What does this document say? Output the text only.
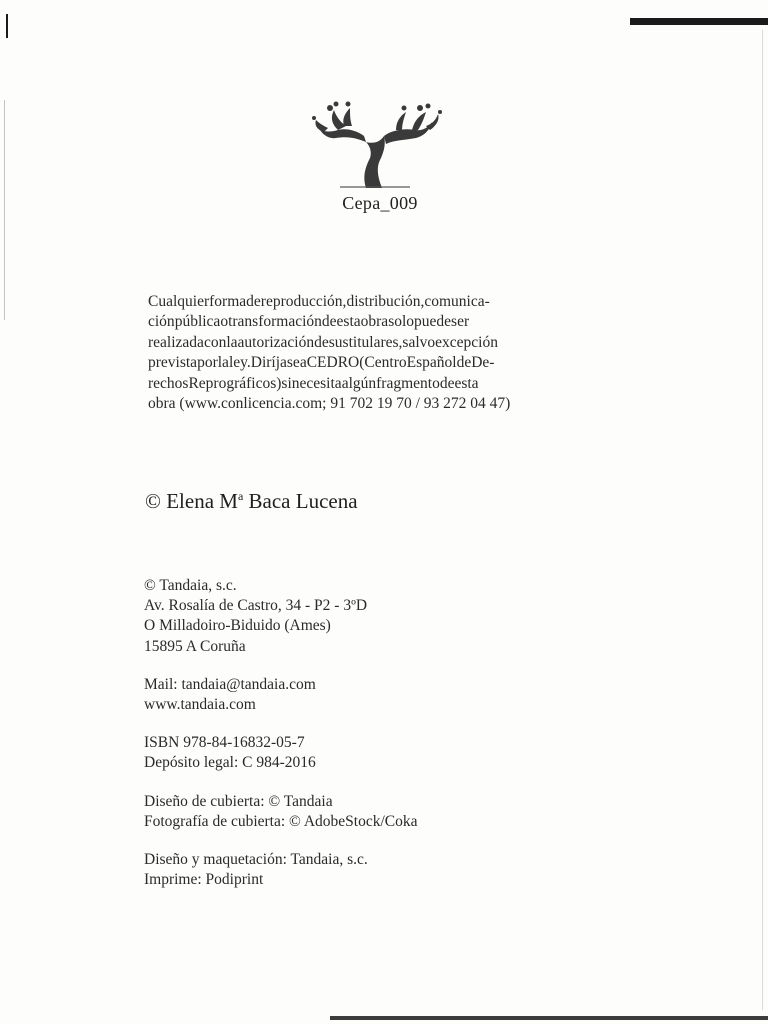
Cepa_009
Cualquierformadereproducción,distribución,comunica-
ciónpúblicaotransformacióndeestaobrasolopuedeser
realizadaconlaautorizacióndesustitulares,salvoexcepción
previstaporlaley.DiríjaseaCEDRO(CentroEspañoldeDe-
rechosReprográficos)sinecesitaalgúnfragmentodeesta
obra (www.conlicencia.com; 91 702 19 70 / 93 272 04 47)
© Elena $M^a$ Baca Lucena
© Tandaia, s.c.
Av. Rosalía de Castro, 34 - P2 - 3ºD
O Milladoiro-Biduido (Ames)
15895 A Coruña
Mail: tandaia@tandaia.com
www.tandaia.com
ISBN 978-84-16832-05-7
Depósito legal: C 984-2016
Diseño de cubierta: © Tandaia
Fotografía de cubierta: © AdobeStock/Coka
Diseño y maquetación: Tandaia, s.c.
Imprime: Podiprint
